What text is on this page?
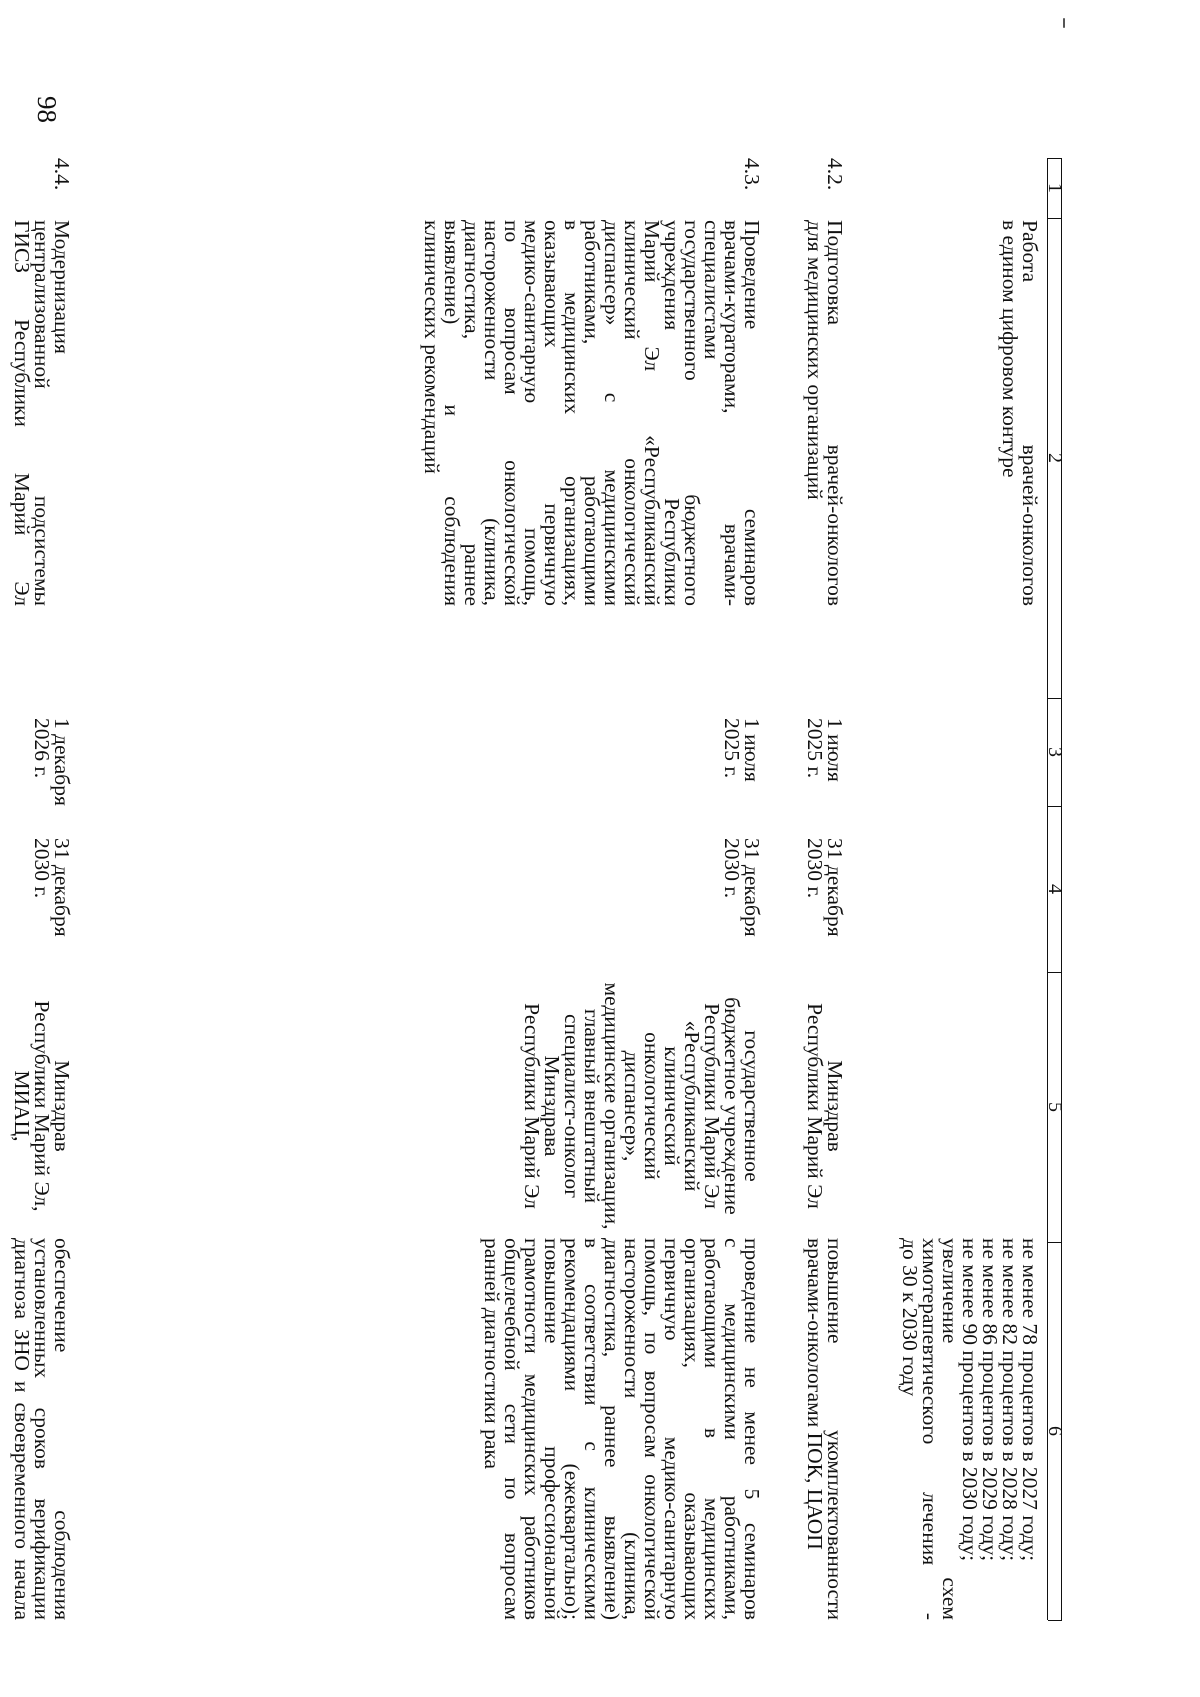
98
1
2
3
4
5
6

Работа врачей-онкологов

в едином цифровом контуре

не менее 78 процентов в 2027 году;

не менее 82 процентов в 2028 году;

не менее 86 процентов в 2029 году;

не менее 90 процентов в 2030 году;

увеличение схем

химотерапевтического лечения -

до 30 к 2030 году

4.2.

Подготовка врачей-онкологов

для медицинских организаций

1 июля

2025 г.

31 декабря

2030 г.

Минздрав

Республики Марий Эл

повышение укомплектованности

врачами-онкологами ПОК, ЦАОП

4.3.

Проведение семинаров

врачами-кураторами, врачами-

специалистами

государственного бюджетного

учреждения Республики

Марий Эл «Республиканский

клинический онкологический

диспансер» с медицинскими

работниками, работающими

в медицинских организациях,

оказывающих первичную

медико-санитарную помощь,

по вопросам онкологической

настороженности (клиника,

диагностика, раннее

выявление) и соблюдения

клинических рекомендаций

1 июля

2025 г.

31 декабря

2030 г.

государственное

бюджетное учреждение

Республики Марий Эл

«Республиканский

клинический

онкологический диспансер»,

медицинские организации,

главный внештатный

специалист-онколог

Минздрава

Республики Марий Эл

проведение не менее 5 семинаров

с медицинскими работниками,

работающими в медицинских

организациях, оказывающих

первичную медико-санитарную

помощь, по вопросам онкологической

настороженности (клиника,

диагностика, раннее выявление)

в соответствии с клиническими

рекомендациями (ежеквартально);

повышение профессиональной

грамотности медицинских работников

общелечебной сети по вопросам

ранней диагностики рака

4.4.

Модернизация

централизованной подсистемы

ГИСЗ Республики Марий Эл

1 декабря

2026 г.

31 декабря

2030 г.

Минздрав

Республики Марий Эл,

МИАЦ,

обеспечение соблюдения

установленных сроков верификации

диагноза ЗНО и своевременного начала
